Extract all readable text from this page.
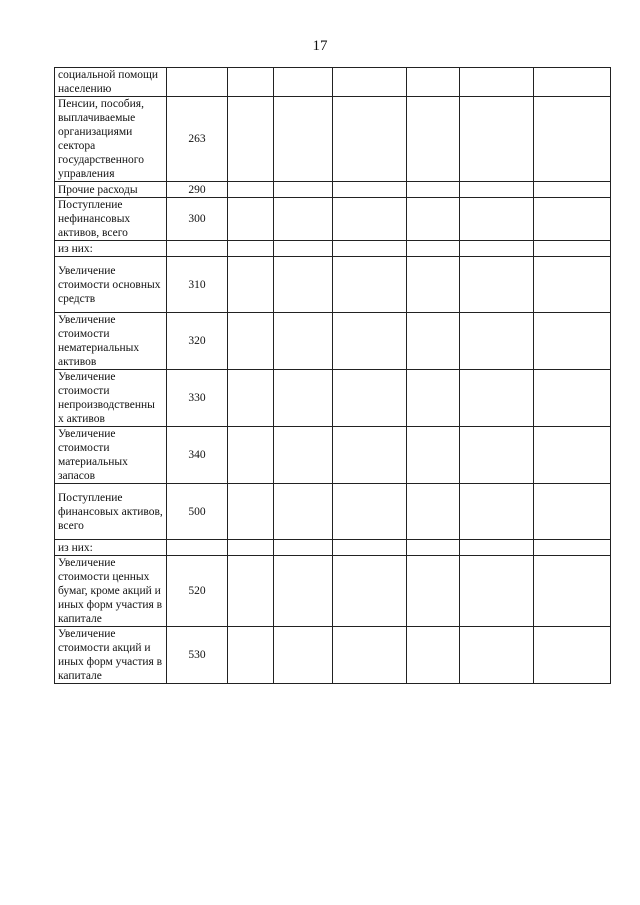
17
социальной помощи населению							
Пенсии, пособия, выплачиваемые организациями сектора государственного управления	263						
Прочие расходы	290						
Поступление нефинансовых активов, всего	300						
из них:							
Увеличение стоимости основных средств	310						
Увеличение стоимости нематериальных активов	320						
Увеличение стоимости непроизводственны х активов	330						
Увеличение стоимости материальных запасов	340						
Поступление финансовых активов, всего	500						
из них:							
Увеличение стоимости ценных бумаг, кроме акций и иных форм участия в капитале	520						
Увеличение стоимости акций и иных форм участия в капитале	530						
